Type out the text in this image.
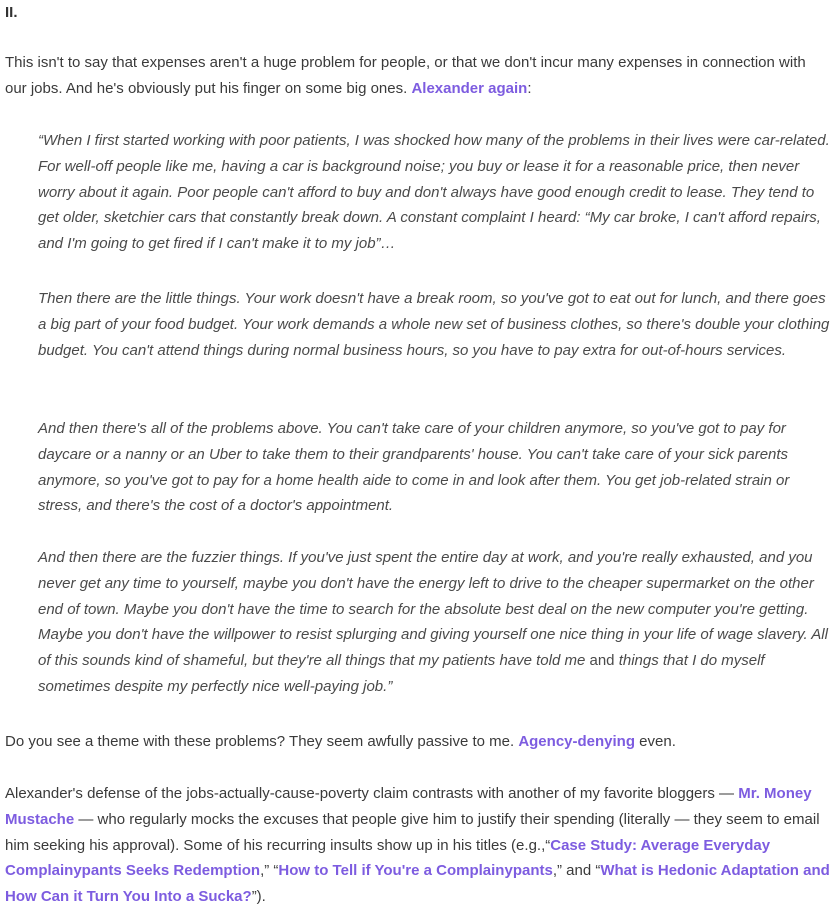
II.

This isn't to say that expenses aren't a huge problem for people, or that we don't incur many expenses in connection with our jobs. And he's obviously put his finger on some big ones. Alexander again:

“When I first started working with poor patients, I was shocked how many of the problems in their lives were car-related. For well-off people like me, having a car is background noise; you buy or lease it for a reasonable price, then never worry about it again. Poor people can't afford to buy and don't always have good enough credit to lease. They tend to get older, sketchier cars that constantly break down. A constant complaint I heard: “My car broke, I can't afford repairs, and I'm going to get fired if I can't make it to my job”…

Then there are the little things. Your work doesn't have a break room, so you've got to eat out for lunch, and there goes a big part of your food budget. Your work demands a whole new set of business clothes, so there's double your clothing budget. You can't attend things during normal business hours, so you have to pay extra for out-of-hours services.

And then there's all of the problems above. You can't take care of your children anymore, so you've got to pay for daycare or a nanny or an Uber to take them to their grandparents' house. You can't take care of your sick parents anymore, so you've got to pay for a home health aide to come in and look after them. You get job-related strain or stress, and there's the cost of a doctor's appointment.

And then there are the fuzzier things. If you've just spent the entire day at work, and you're really exhausted, and you never get any time to yourself, maybe you don't have the energy left to drive to the cheaper supermarket on the other end of town. Maybe you don't have the time to search for the absolute best deal on the new computer you're getting. Maybe you don't have the willpower to resist splurging and giving yourself one nice thing in your life of wage slavery. All of this sounds kind of shameful, but they're all things that my patients have told me and things that I do myself sometimes despite my perfectly nice well-paying job.”

Do you see a theme with these problems? They seem awfully passive to me. Agency-denying even.

Alexander's defense of the jobs-actually-cause-poverty claim contrasts with another of my favorite bloggers — Mr. Money Mustache — who regularly mocks the excuses that people give him to justify their spending (literally — they seem to email him seeking his approval). Some of his recurring insults show up in his titles (e.g.,“Case Study: Average Everyday Complainypants Seeks Redemption,” “How to Tell if You're a Complainypants,” and “What is Hedonic Adaptation and How Can it Turn You Into a Sucka?”).
